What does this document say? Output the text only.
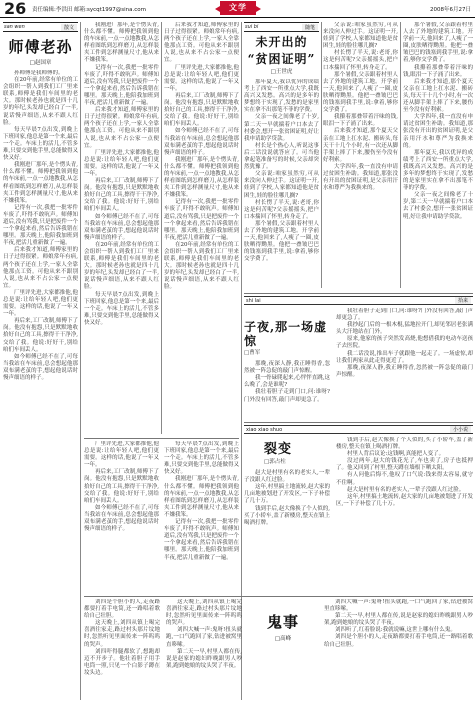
26 责任编辑:李洪田 邮箱:sycqt1997@sina.com	文学	2008年6月27日
san wen	散文
师傅老孙
□赵国章

孙师傅是我师傅的。

在20年前,经常有单位的工会组织一帮人到我们工厂里来联系,师傅是我们车间里的老大。那时候老孙也就是四十几岁的年纪,头发却已经白了一半,说话慢声细语,从来不跟人红脸。

每天早晨7点出发,到晚上下班回家,他总是第一个来,最后一个走。车床上的活儿,不管多难,只要交到他手里,总能做得又快又好。

我刚进厂那年,是个愣头青,什么都不懂。师傅把我领到他的车床前,一点一点地教我,从怎样看图纸到怎样磨刀,从怎样装夹工件到怎样测量尺寸,他从来不嫌我笨。

记得有一次,我把一批零件车废了,吓得不敢吭声。师傅知道后,没有骂我,只是把废件一个一个拿起来看,然后告诉我错在哪里。那天晚上,他陪我加班到半夜,把活儿重新做了一遍。

后来我才知道,师傅家里的日子过得很紧。师娘常年有病,两个孩子还在上学,一家人全靠他那点工资。可他从来不跟别人说,也从来不占公家一点便宜。

厂里评先进,大家都推他,他总是说:让给年轻人吧,他们更需要。这样的话,他说了一年又一年。

再后来,工厂改制,师傅下了岗。他没有抱怨,只是默默地收拾好自己的工具,擦得干干净净,交给了我。他说:好好干,别给咱们车间丢人。

如今师傅已经不在了,可每当我站在车床前,总会想起他那双布满老茧的手,想起他说话时慢声细语的样子。

我刚进厂那年,是个愣头青,什么都不懂。师傅把我领到他的车床前,一点一点地教我,从怎样看图纸到怎样磨刀,从怎样装夹工件到怎样测量尺寸,他从来不嫌我笨。

记得有一次,我把一批零件车废了,吓得不敢吭声。师傅知道后,没有骂我,只是把废件一个一个拿起来看,然后告诉我错在哪里。那天晚上,他陪我加班到半夜,把活儿重新做了一遍。

后来我才知道,师傅家里的日子过得很紧。师娘常年有病,两个孩子还在上学,一家人全靠他那点工资。可他从来不跟别人说,也从来不占公家一点便宜。

厂里评先进,大家都推他,他总是说:让给年轻人吧,他们更需要。这样的话,他说了一年又一年。

再后来,工厂改制,师傅下了岗。他没有抱怨,只是默默地收拾好自己的工具,擦得干干净净,交给了我。他说:好好干,别给咱们车间丢人。

如今师傅已经不在了,可每当我站在车床前,总会想起他那双布满老茧的手,想起他说话时慢声细语的样子。

在20年前,经常有单位的工会组织一帮人到我们工厂里来联系,师傅是我们车间里的老大。那时候老孙也就是四十几岁的年纪,头发却已经白了一半,说话慢声细语,从来不跟人红脸。

每天早晨7点出发,到晚上下班回家,他总是第一个来,最后一个走。车床上的活儿,不管多难,只要交到他手里,总能做得又快又好。

后来我才知道,师傅家里的日子过得很紧。师娘常年有病,两个孩子还在上学,一家人全靠他那点工资。可他从来不跟别人说,也从来不占公家一点便宜。

厂里评先进,大家都推他,他总是说:让给年轻人吧,他们更需要。这样的话,他说了一年又一年。

再后来,工厂改制,师傅下了岗。他没有抱怨,只是默默地收拾好自己的工具,擦得干干净净,交给了我。他说:好好干,别给咱们车间丢人。

如今师傅已经不在了,可每当我站在车床前,总会想起他那双布满老茧的手,想起他说话时慢声细语的样子。

我刚进厂那年,是个愣头青,什么都不懂。师傅把我领到他的车床前,一点一点地教我,从怎样看图纸到怎样磨刀,从怎样装夹工件到怎样测量尺寸,他从来不嫌我笨。

记得有一次,我把一批零件车废了,吓得不敢吭声。师傅知道后,没有骂我,只是把废件一个一个拿起来看,然后告诉我错在哪里。那天晚上,他陪我加班到半夜,把活儿重新做了一遍。

在20年前,经常有单位的工会组织一帮人到我们工厂里来联系,师傅是我们车间里的老大。那时候老孙也就是四十几岁的年纪,头发却已经白了一半,说话慢声细语,从来不跟人红脸。

sui bi	随笔
未开出的
“贫困证明”
□王世虎

那年夏天,我以优异的成绩考上了西安一所重点大学,我既高兴又发愁。高兴的是多年的梦想终于实现了,发愁的是家里实在拿不出那笔不菲的学费。

父亲一夜之间像老了十岁,第二天一早就揣着户口本去了村委会,想开一张贫困证明,好让我申请助学贷款。

村长是个热心人,听说这事后二话没说就答应了。可当他拿起笔准备写的时候,父亲却突然犹豫了。

父亲说:咱家虽然穷,可从来没向人伸过手。这证明一开,娃到了学校,人家都知道他是贫困生,娃的脸往哪儿搁?

村长愣了半天,说:老哥,你这是何苦呢?父亲摇摇头,把户口本揣回了怀里,转身走了。

那个暑假,父亲跟着村里人去了外地的建筑工地。开学前一天,他回来了,人瘦了一圈,皮肤晒得黝黑。他把一叠皱巴巴的钱塞到我手里,说:拿着,够你交学费了。

父亲说:咱家虽然穷,可从来没向人伸过手。这证明一开,娃到了学校,人家都知道他是贫困生,娃的脸往哪儿搁?

村长愣了半天,说:老哥,你这是何苦呢?父亲摇摇头,把户口本揣回了怀里,转身走了。

那个暑假,父亲跟着村里人去了外地的建筑工地。开学前一天,他回来了,人瘦了一圈,皮肤晒得黝黑。他把一叠皱巴巴的钱塞到我手里,说:拿着,够你交学费了。

我攥着那叠带着汗味的钱,眼泪一下子涌了出来。

后来我才知道,那个夏天父亲在工地上扛水泥、搬砖头,每天干十几个小时,有一次还从脚手架上摔了下来,腰伤至今没有好利索。

大学四年,我一直没有申请过贫困生补助。我知道,那张没有开出的贫困证明,是父亲用汗水和尊严为我换来的。

那个暑假,父亲跟着村里人去了外地的建筑工地。开学前一天,他回来了,人瘦了一圈,皮肤晒得黝黑。他把一叠皱巴巴的钱塞到我手里,说:拿着,够你交学费了。

我攥着那叠带着汗味的钱,眼泪一下子涌了出来。

后来我才知道,那个夏天父亲在工地上扛水泥、搬砖头,每天干十几个小时,有一次还从脚手架上摔了下来,腰伤至今没有好利索。

大学四年,我一直没有申请过贫困生补助。我知道,那张没有开出的贫困证明,是父亲用汗水和尊严为我换来的。

那年夏天,我以优异的成绩考上了西安一所重点大学,我既高兴又发愁。高兴的是多年的梦想终于实现了,发愁的是家里实在拿不出那笔不菲的学费。

父亲一夜之间像老了十岁,第二天一早就揣着户口本去了村委会,想开一张贫困证明,好让我申请助学贷款。

shi lai	拾来
子夜,那一场虚惊
□曹军

那晚,夜深人静,我正睡得香,忽然被一阵急促的敲门声惊醒。

我一骨碌爬起来,心怦怦直跳,这么晚了,会是谁呢?

我壮着胆子走到门口,问:谁呀?门外没有回答,敲门声却更急了。

我壮着胆子走到门口,问:谁呀?门外没有回答,敲门声却更急了。

我抄起门后的一根木棍,猛地拉开门,却见邻居老张满头大汗地站在门外。

原来,他家的孩子突然发高烧,他想借我的电动车送孩子去医院。

我二话没说,推出车子就跟他一起走了。一场虚惊,却让我们两家从此走得更近了。

那晚,夜深人静,我正睡得香,忽然被一阵急促的敲门声惊醒。

xiao xiao shuo	小小说
裂变
□郭占柱

赵大是村里有名的老实人,一辈子没跟人红过脸。

这年,村里搞土地流转,赵大家的几亩地被划进了开发区,一下子补偿了几十万。

钱到手后,赵大像换了个人似的,买了小轿车,盖了新楼房,整天在镇上喝酒打牌。

钱到手后,赵大像换了个人似的,买了小轿车,盖了新楼房,整天在镇上喝酒打牌。

村里人背后议论:这钱啊,真能把人变了。

没过两年,赵大的钱花光了,车也卖了,房子也抵押了。他又回到了村里,整天蹲在墙根下晒太阳。

有人问他后悔不,他叹了口气说:钱来得太容易,就守不住啊。

赵大是村里有名的老实人,一辈子没跟人红过脸。

这年,村里搞土地流转,赵大家的几亩地被划进了开发区,一下子补偿了几十万。

厂里评先进,大家都推他,他总是说:让给年轻人吧,他们更需要。这样的话,他说了一年又一年。

再后来,工厂改制,师傅下了岗。他没有抱怨,只是默默地收拾好自己的工具,擦得干干净净,交给了我。他说:好好干,别给咱们车间丢人。

如今师傅已经不在了,可每当我站在车床前,总会想起他那双布满老茧的手,想起他说话时慢声细语的样子。

每天早晨7点出发,到晚上下班回家,他总是第一个来,最后一个走。车床上的活儿,不管多难,只要交到他手里,总能做得又快又好。

我刚进厂那年,是个愣头青,什么都不懂。师傅把我领到他的车床前,一点一点地教我,从怎样看图纸到怎样磨刀,从怎样装夹工件到怎样测量尺寸,他从来不嫌我笨。

记得有一次,我把一批零件车废了,吓得不敢吭声。师傅知道后,没有骂我,只是把废件一个一个拿起来看,然后告诉我错在哪里。那天晚上,他陪我加班到半夜,把活儿重新做了一遍。

刘四是个胆小的人,走夜路都要打着手电筒,还一路唱着歌给自己壮胆。

这天晚上,刘四从镇上喝完喜酒往家走,路过村头那片坟地时,忽然听见里面传来一阵呜呜的哭声。

刘四吓得腿都软了,想跑却迈不开步子。他壮着胆子用手电筒一照,只见一个白影子蹲在坟头边。

这天晚上,刘四从镇上喝完喜酒往家走,路过村头那片坟地时,忽然听见里面传来一阵呜呜的哭声。

刘四大喊一声:鬼呀!扭头就跑,一口气跑回了家,钻进被窝里直哆嗦。

第二天一早,村里人都在传,说是赵家的媳妇昨晚跟男人吵架,跑到她娘的坟头哭了半夜。

鬼事
□高峰

刘四大喊一声:鬼呀!扭头就跑,一口气跑回了家,钻进被窝里直哆嗦。

第二天一早,村里人都在传,说是赵家的媳妇昨晚跟男人吵架,跑到她娘的坟头哭了半夜。

刘四听了,红着脸说:我就说嘛,这世上哪有什么鬼。

刘四是个胆小的人,走夜路都要打着手电筒,还一路唱着歌给自己壮胆。
